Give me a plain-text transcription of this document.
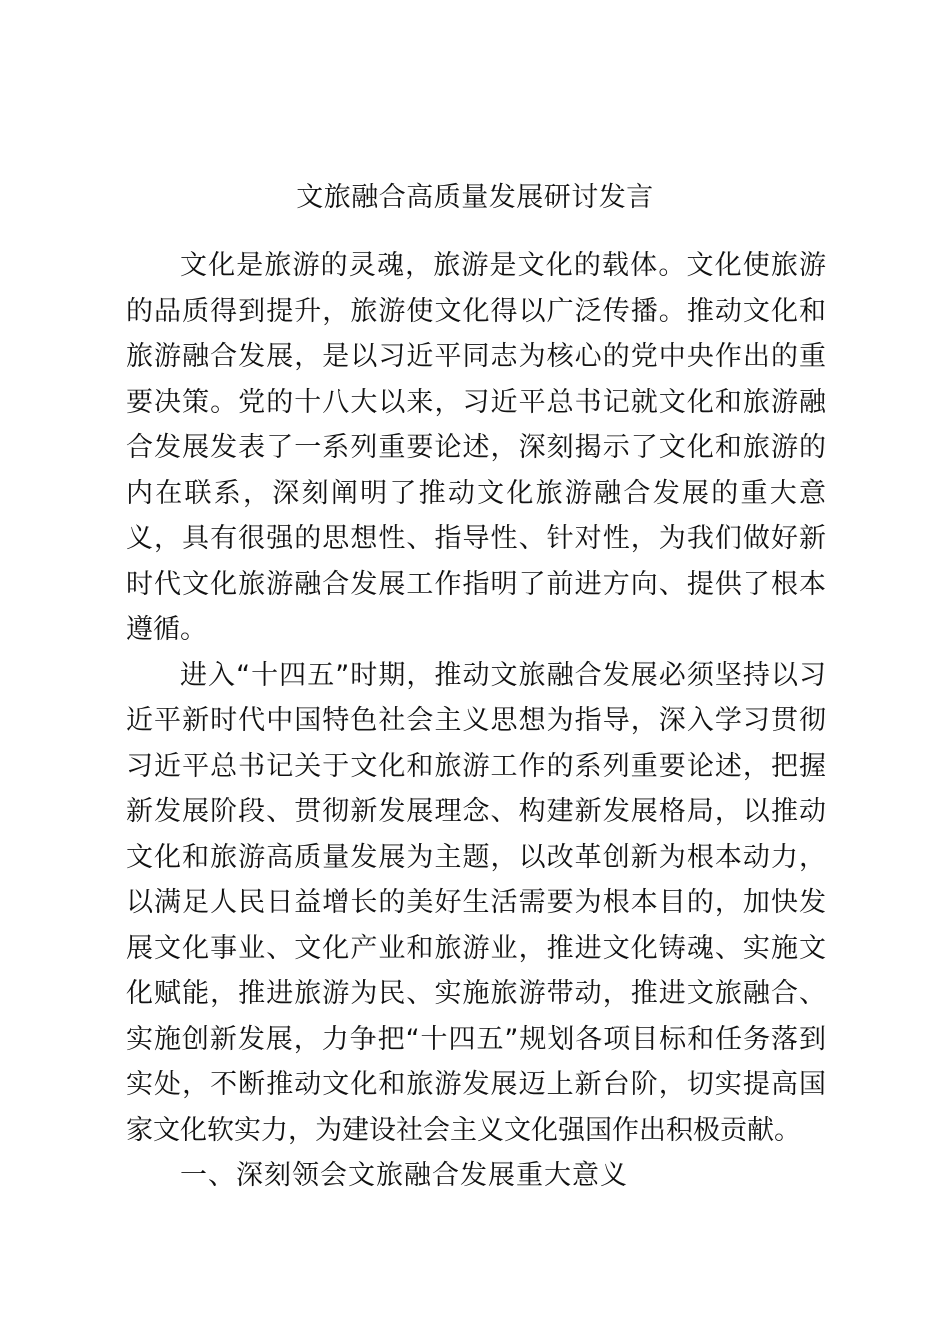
文旅融合高质量发展研讨发言

文化是旅游的灵魂，旅游是文化的载体。文化使旅游的品质得到提升，旅游使文化得以广泛传播。推动文化和旅游融合发展，是以习近平同志为核心的党中央作出的重要决策。党的十八大以来，习近平总书记就文化和旅游融合发展发表了一系列重要论述，深刻揭示了文化和旅游的内在联系，深刻阐明了推动文化旅游融合发展的重大意义，具有很强的思想性、指导性、针对性，为我们做好新时代文化旅游融合发展工作指明了前进方向、提供了根本遵循。

进入“十四五”时期，推动文旅融合发展必须坚持以习近平新时代中国特色社会主义思想为指导，深入学习贯彻习近平总书记关于文化和旅游工作的系列重要论述，把握新发展阶段、贯彻新发展理念、构建新发展格局，以推动文化和旅游高质量发展为主题，以改革创新为根本动力，以满足人民日益增长的美好生活需要为根本目的，加快发展文化事业、文化产业和旅游业，推进文化铸魂、实施文化赋能，推进旅游为民、实施旅游带动，推进文旅融合、实施创新发展，力争把“十四五”规划各项目标和任务落到实处，不断推动文化和旅游发展迈上新台阶，切实提高国家文化软实力，为建设社会主义文化强国作出积极贡献。

一、深刻领会文旅融合发展重大意义
